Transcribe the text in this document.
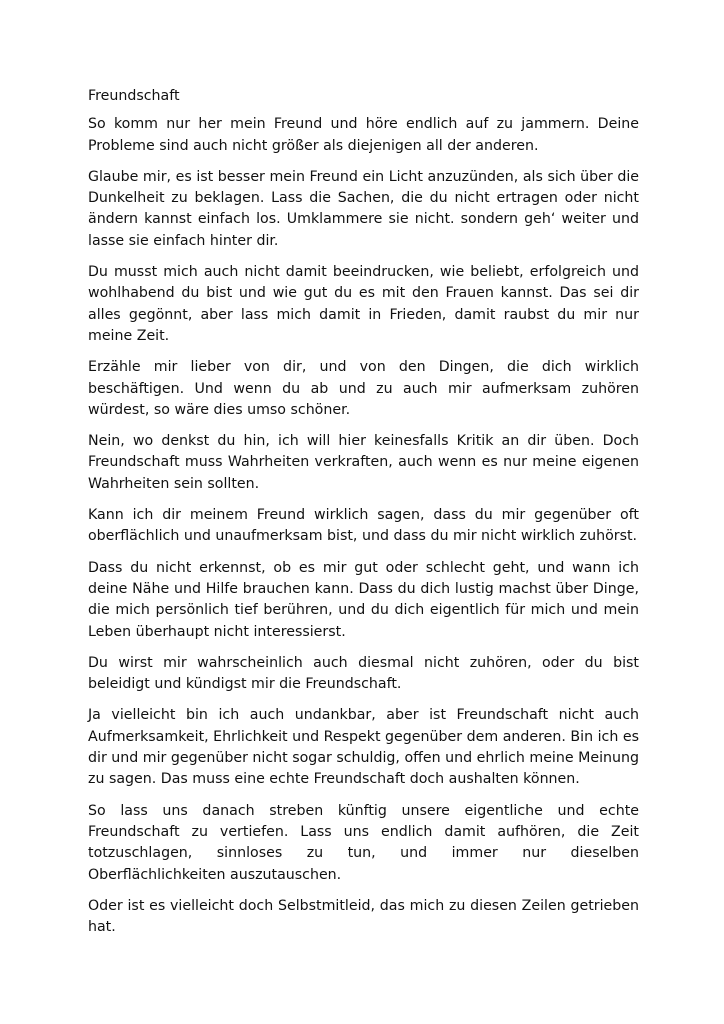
Freundschaft

So komm nur her mein Freund und höre endlich auf zu jammern. Deine Probleme sind auch nicht größer als diejenigen all der anderen.

Glaube mir, es ist besser mein Freund ein Licht anzuzünden, als sich über die Dunkelheit zu beklagen. Lass die Sachen, die du nicht ertragen oder nicht ändern kannst einfach los. Umklammere sie nicht. sondern geh‘ weiter und lasse sie einfach hinter dir.

Du musst mich auch nicht damit beeindrucken, wie beliebt, erfolgreich und wohlhabend du bist und wie gut du es mit den Frauen kannst. Das sei dir alles gegönnt, aber lass mich damit in Frieden, damit raubst du mir nur meine Zeit.

Erzähle mir lieber von dir, und von den Dingen, die dich wirklich beschäftigen. Und wenn du ab und zu auch mir aufmerksam zuhören würdest, so wäre dies umso schöner.

Nein, wo denkst du hin, ich will hier keinesfalls Kritik an dir üben. Doch Freundschaft muss Wahrheiten verkraften, auch wenn es nur meine eigenen Wahrheiten sein sollten.

Kann ich dir meinem Freund wirklich sagen, dass du mir gegenüber oft oberflächlich und unaufmerksam bist, und dass du mir nicht wirklich zuhörst.

Dass du nicht erkennst, ob es mir gut oder schlecht geht, und wann ich deine Nähe und Hilfe brauchen kann. Dass du dich lustig machst über Dinge, die mich persönlich tief berühren, und du dich eigentlich für mich und mein Leben überhaupt nicht interessierst.

Du wirst mir wahrscheinlich auch diesmal nicht zuhören, oder du bist beleidigt und kündigst mir die Freundschaft.

Ja vielleicht bin ich auch undankbar, aber ist Freundschaft nicht auch Aufmerksamkeit, Ehrlichkeit und Respekt gegenüber dem anderen. Bin ich es dir und mir gegenüber nicht sogar schuldig, offen und ehrlich meine Meinung zu sagen. Das muss eine echte Freundschaft doch aushalten können.

So lass uns danach streben künftig unsere eigentliche und echte Freundschaft zu vertiefen. Lass uns endlich damit aufhören, die Zeit totzuschlagen, sinnloses zu tun, und immer nur dieselben Oberflächlichkeiten auszutauschen.

Oder ist es vielleicht doch Selbstmitleid, das mich zu diesen Zeilen getrieben hat.
